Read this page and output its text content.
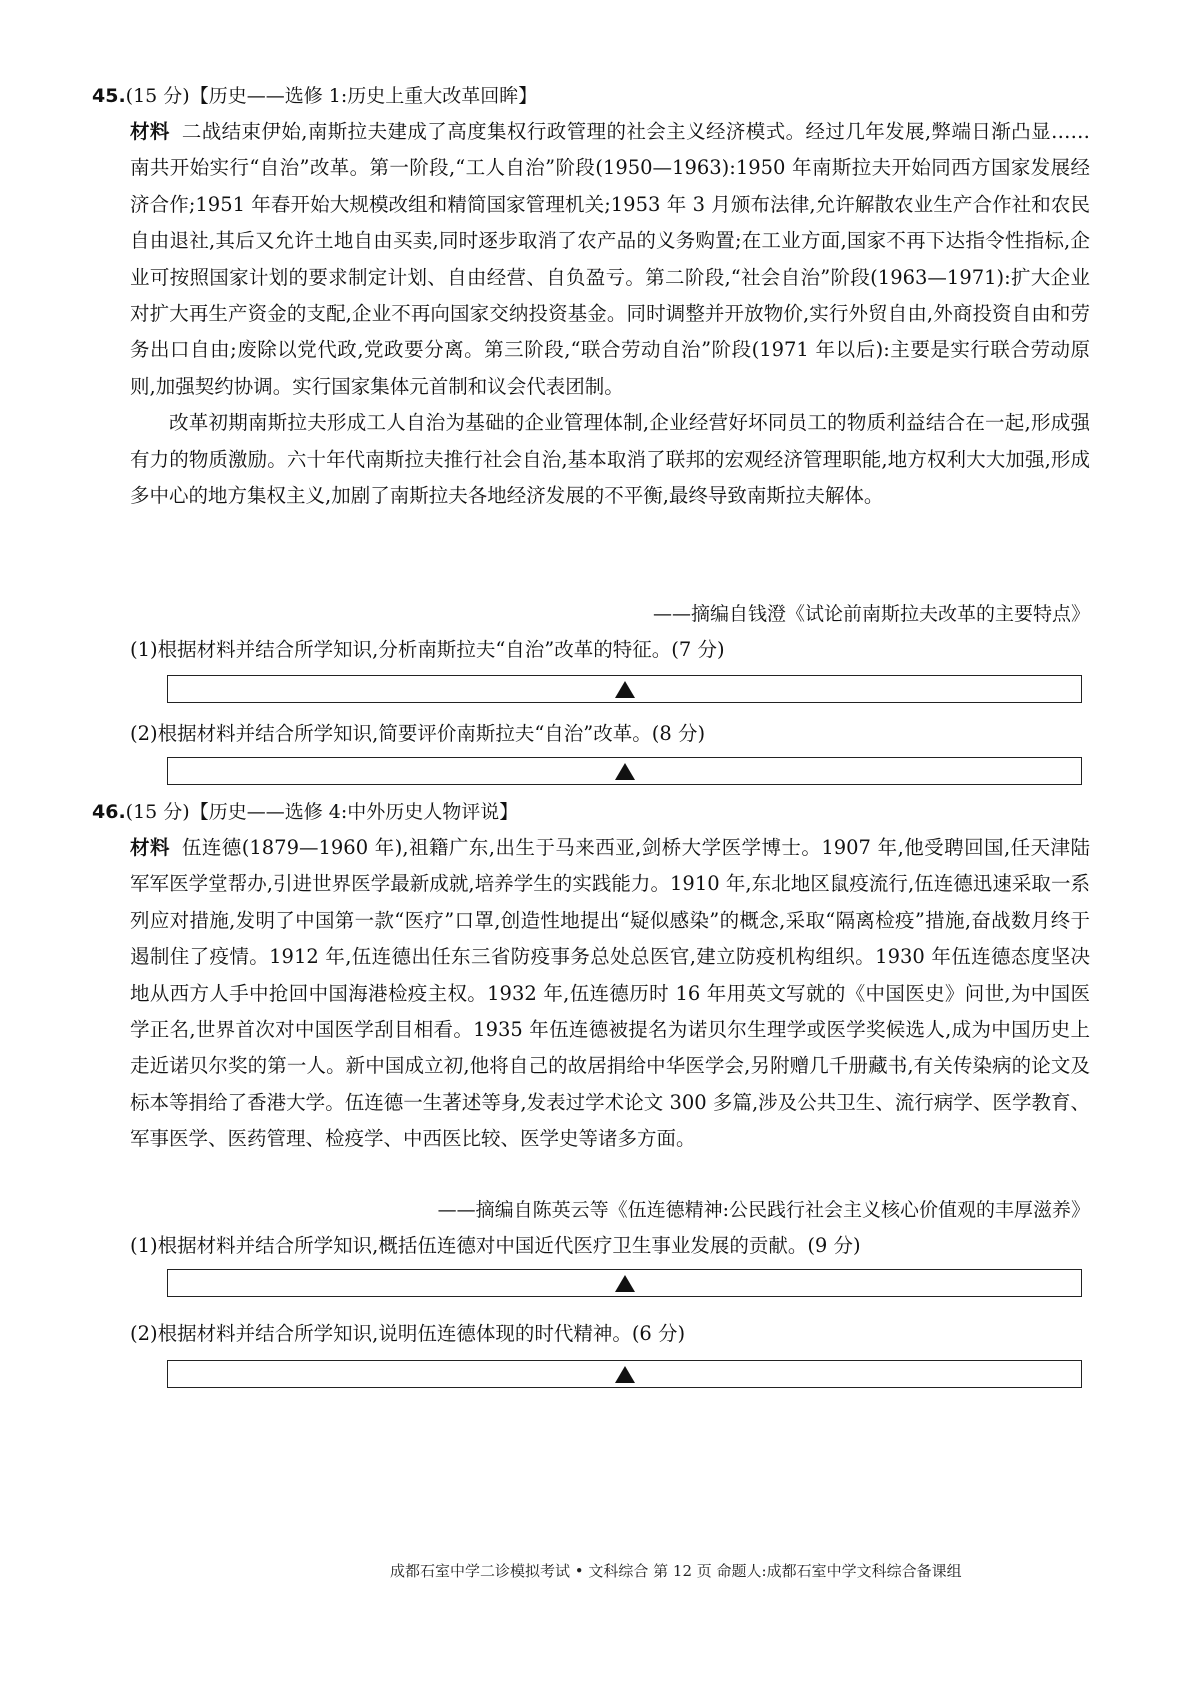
45.(15 分)【历史——选修 1:历史上重大改革回眸】

材料 二战结束伊始,南斯拉夫建成了高度集权行政管理的社会主义经济模式。经过几年发展,弊端日渐凸显……南共开始实行“自治”改革。第一阶段,“工人自治”阶段(1950—1963):1950 年南斯拉夫开始同西方国家发展经济合作;1951 年春开始大规模改组和精简国家管理机关;1953 年 3 月颁布法律,允许解散农业生产合作社和农民自由退社,其后又允许土地自由买卖,同时逐步取消了农产品的义务购置;在工业方面,国家不再下达指令性指标,企业可按照国家计划的要求制定计划、自由经营、自负盈亏。第二阶段,“社会自治”阶段(1963—1971):扩大企业对扩大再生产资金的支配,企业不再向国家交纳投资基金。同时调整并开放物价,实行外贸自由,外商投资自由和劳务出口自由;废除以党代政,党政要分离。第三阶段,“联合劳动自治”阶段(1971 年以后):主要是实行联合劳动原则,加强契约协调。实行国家集体元首制和议会代表团制。

改革初期南斯拉夫形成工人自治为基础的企业管理体制,企业经营好坏同员工的物质利益结合在一起,形成强有力的物质激励。六十年代南斯拉夫推行社会自治,基本取消了联邦的宏观经济管理职能,地方权利大大加强,形成多中心的地方集权主义,加剧了南斯拉夫各地经济发展的不平衡,最终导致南斯拉夫解体。

——摘编自钱澄《试论前南斯拉夫改革的主要特点》
(1)根据材料并结合所学知识,分析南斯拉夫“自治”改革的特征。(7 分)
(2)根据材料并结合所学知识,简要评价南斯拉夫“自治”改革。(8 分)
46.(15 分)【历史——选修 4:中外历史人物评说】

材料 伍连德(1879—1960 年),祖籍广东,出生于马来西亚,剑桥大学医学博士。1907 年,他受聘回国,任天津陆军军医学堂帮办,引进世界医学最新成就,培养学生的实践能力。1910 年,东北地区鼠疫流行,伍连德迅速采取一系列应对措施,发明了中国第一款“医疗”口罩,创造性地提出“疑似感染”的概念,采取“隔离检疫”措施,奋战数月终于遏制住了疫情。1912 年,伍连德出任东三省防疫事务总处总医官,建立防疫机构组织。1930 年伍连德态度坚决地从西方人手中抢回中国海港检疫主权。1932 年,伍连德历时 16 年用英文写就的《中国医史》问世,为中国医学正名,世界首次对中国医学刮目相看。1935 年伍连德被提名为诺贝尔生理学或医学奖候选人,成为中国历史上走近诺贝尔奖的第一人。新中国成立初,他将自己的故居捐给中华医学会,另附赠几千册藏书,有关传染病的论文及标本等捐给了香港大学。伍连德一生著述等身,发表过学术论文 300 多篇,涉及公共卫生、流行病学、医学教育、军事医学、医药管理、检疫学、中西医比较、医学史等诸多方面。

——摘编自陈英云等《伍连德精神:公民践行社会主义核心价值观的丰厚滋养》
(1)根据材料并结合所学知识,概括伍连德对中国近代医疗卫生事业发展的贡献。(9 分)
(2)根据材料并结合所学知识,说明伍连德体现的时代精神。(6 分)
成都石室中学二诊模拟考试 • 文科综合 第 12 页 命题人:成都石室中学文科综合备课组
